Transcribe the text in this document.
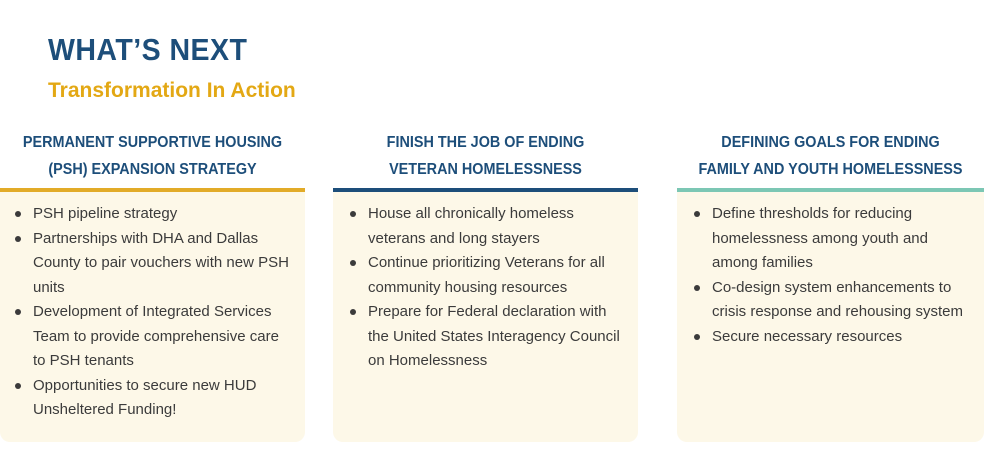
WHAT’S NEXT
Transformation In Action
PERMANENT SUPPORTIVE HOUSING (PSH) EXPANSION STRATEGY
PSH pipeline strategy
Partnerships with DHA and Dallas County to pair vouchers with new PSH units
Development of Integrated Services Team to provide comprehensive care to PSH tenants
Opportunities to secure new HUD Unsheltered Funding!
FINISH THE JOB OF ENDING VETERAN HOMELESSNESS
House all chronically homeless veterans and long stayers
Continue prioritizing Veterans for all community housing resources
Prepare for Federal declaration with the United States Interagency Council on Homelessness
DEFINING GOALS FOR ENDING FAMILY AND YOUTH HOMELESSNESS
Define thresholds for reducing homelessness among youth and among families
Co-design system enhancements to crisis response and rehousing system
Secure necessary resources
